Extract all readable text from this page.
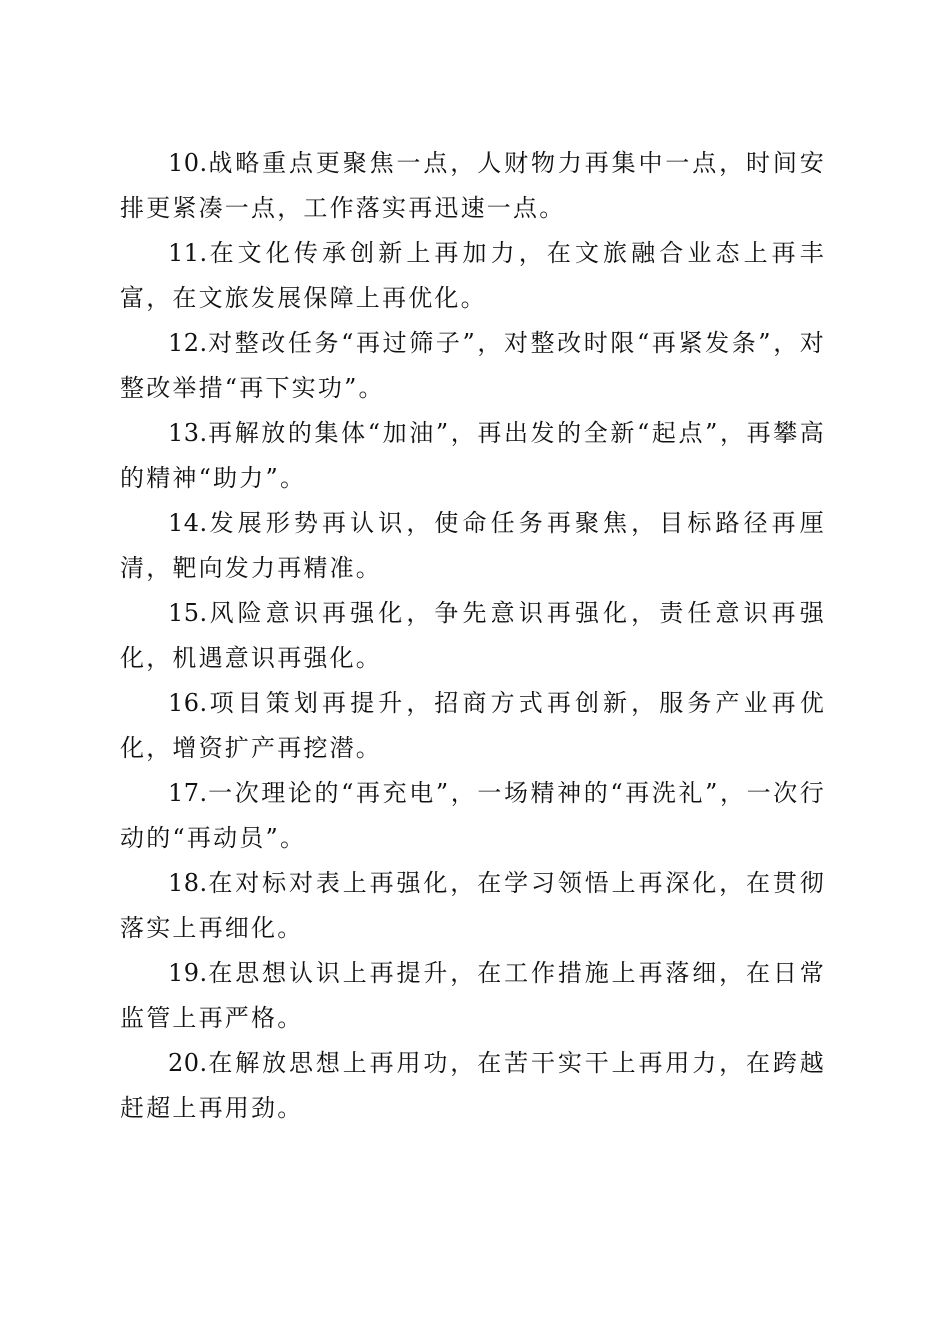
10.战略重点更聚焦一点，人财物力再集中一点，时间安排更紧凑一点，工作落实再迅速一点。

11.在文化传承创新上再加力，在文旅融合业态上再丰富，在文旅发展保障上再优化。

12.对整改任务“再过筛子”，对整改时限“再紧发条”，对整改举措“再下实功”。

13.再解放的集体“加油”，再出发的全新“起点”，再攀高的精神“助力”。

14.发展形势再认识，使命任务再聚焦，目标路径再厘清，靶向发力再精准。

15.风险意识再强化，争先意识再强化，责任意识再强化，机遇意识再强化。

16.项目策划再提升，招商方式再创新，服务产业再优化，增资扩产再挖潜。

17.一次理论的“再充电”，一场精神的“再洗礼”，一次行动的“再动员”。

18.在对标对表上再强化，在学习领悟上再深化，在贯彻落实上再细化。

19.在思想认识上再提升，在工作措施上再落细，在日常监管上再严格。

20.在解放思想上再用功，在苦干实干上再用力，在跨越赶超上再用劲。
